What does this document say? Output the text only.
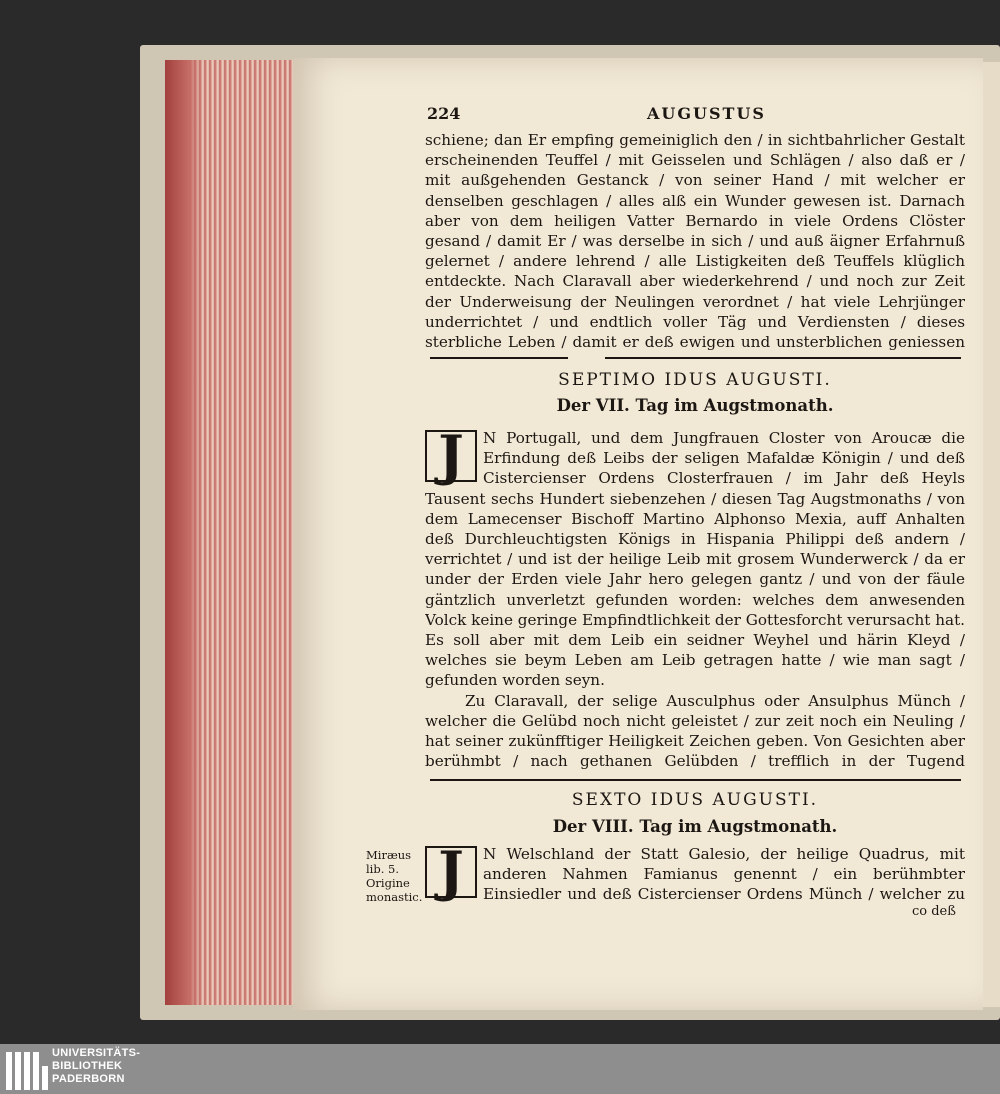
224	AUGUSTUS

schiene; dan Er empfing gemeiniglich den / in sichtbahrlicher Gestalt erscheinenden Teuffel / mit Geisselen und Schlägen / also daß er / mit außgehenden Gestanck / von seiner Hand / mit welcher er denselben geschlagen / alles alß ein Wunder gewesen ist. Darnach aber von dem heiligen Vatter Bernardo in viele Ordens Clöster gesand / damit Er / was derselbe in sich / und auß äigner Erfahrnuß gelernet / andere lehrend / alle Listigkeiten deß Teuffels klüglich entdeckte. Nach Claravall aber wiederkehrend / und noch zur Zeit der Underweisung der Neulingen verordnet / hat viele Lehrjünger underrichtet / und endtlich voller Täg und Verdiensten / dieses sterbliche Leben / damit er deß ewigen und unsterblichen geniessen

SEPTIMO IDUS AUGUSTI.
Der VII. Tag im Augstmonath.

J	N Portugall, und dem Jungfrauen Closter von Aroucæ die Erfindung deß Leibs der seligen Mafaldæ Königin / und deß Cistercienser Ordens Closterfrauen / im Jahr deß Heyls Tausent sechs Hundert siebenzehen / diesen Tag Augstmonaths / von dem Lamecenser Bischoff Martino Alphonso Mexia, auff Anhalten deß Durchleuchtigsten Königs in Hispania Philippi deß andern / verrichtet / und ist der heilige Leib mit grosem Wunderwerck / da er under der Erden viele Jahr hero gelegen gantz / und von der fäule gäntzlich unverletzt gefunden worden: welches dem anwesenden Volck keine geringe Empfindtlichkeit der Gottesforcht verursacht hat. Es soll aber mit dem Leib ein seidner Weyhel und härin Kleyd / welches sie beym Leben am Leib getragen hatte / wie man sagt / gefunden worden seyn.

Zu Claravall, der selige Ausculphus oder Ansulphus Münch / welcher die Gelübd noch nicht geleistet / zur zeit noch ein Neuling / hat seiner zukünfftiger Heiligkeit Zeichen geben. Von Gesichten aber berühmbt / nach gethanen Gelübden / trefflich in der Tugend

SEXTO IDUS AUGUSTI.
Der VIII. Tag im Augstmonath.

J	N Welschland der Statt Galesio, der heilige Quadrus, mit anderen Nahmen Famianus genennt / ein berühmbter Einsiedler und deß Cistercienser Ordens Münch / welcher zu

co deß
Miræus lib. 5. Origine monastic.
UNIVERSITÄTS-
BIBLIOTHEK
PADERBORN
